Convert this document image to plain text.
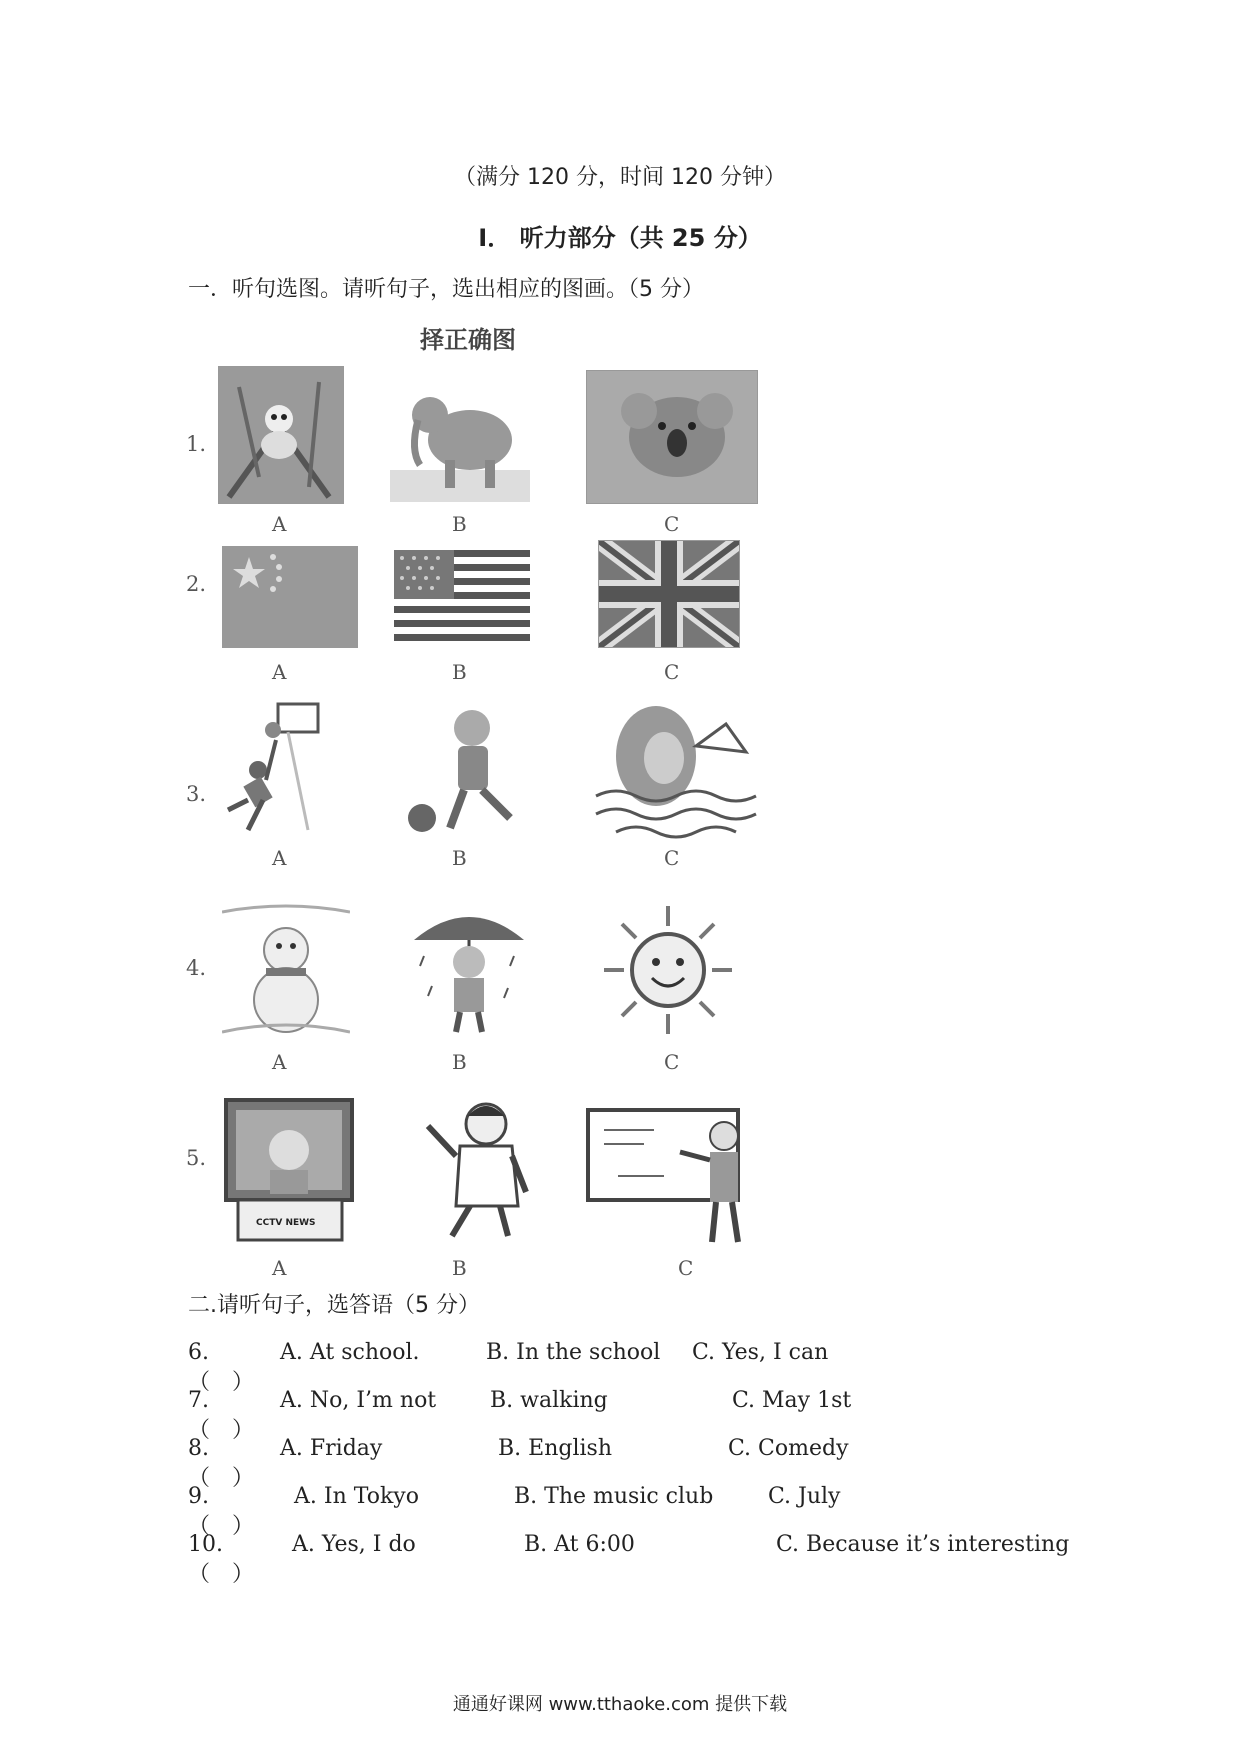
（满分 120 分，时间 120 分钟）
Ⅰ． 听力部分（共 25 分）
一．听句选图。请听句子，选出相应的图画。（5 分）
择正确图
1.
A	B	C
2.
A	B	C
3.
A	B	C
4.
A	B	C
5.
CCTV NEWS
A	B	C
二.请听句子，选答语（5 分）
6.（　）
A. At school.	B. In the school C. Yes, I can
7.（　）
A. No, I’m not B. walking	C. May 1st
8.（　）
A. Friday	B. English	C. Comedy
9.（　）
A. In Tokyo	B. The music club C. July
10.（　）
A. Yes, I do	B. At 6:00	C. Because it’s interesting
通通好课网 www.tthaoke.com 提供下载
